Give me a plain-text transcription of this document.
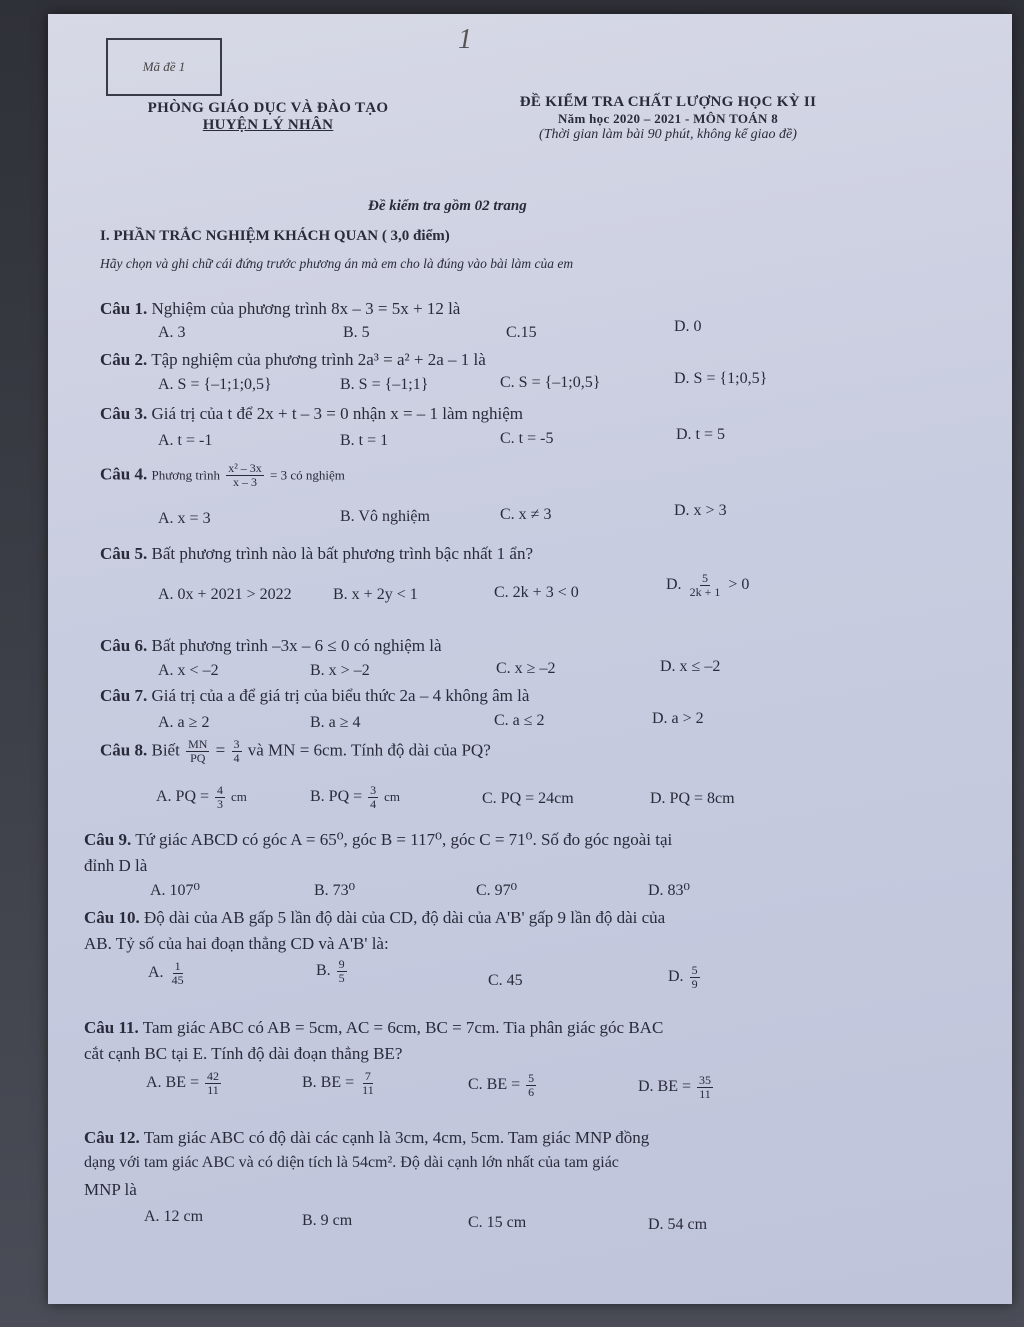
Mã đề 1
1
PHÒNG GIÁO DỤC VÀ ĐÀO TẠO
HUYỆN LÝ NHÂN
ĐỀ KIỂM TRA CHẤT LƯỢNG HỌC KỲ II
Năm học 2020 – 2021 - MÔN TOÁN 8
(Thời gian làm bài 90 phút, không kể giao đề)
Đề kiểm tra gồm 02 trang
I. PHẦN TRẮC NGHIỆM KHÁCH QUAN ( 3,0 điểm)
Hãy chọn và ghi chữ cái đứng trước phương án mà em cho là đúng vào bài làm của em
Câu 1. Nghiệm của phương trình 8x – 3 = 5x + 12 là
A. 3	B. 5	C.15	D. 0
Câu 2. Tập nghiệm của phương trình 2a³ = a² + 2a – 1 là
A. S = {–1;1;0,5}	B. S = {–1;1}	C. S = {–1;0,5}	D. S = {1;0,5}
Câu 3. Giá trị của t để 2x + t – 3 = 0 nhận x = – 1 làm nghiệm
A. t = -1	B. t = 1	C. t = -5	D. t = 5
Câu 4. Phương trình $\frac{\text{x² – 3x}}{x - 3} = 3$ có nghiệm
A. x = 3	B. Vô nghiệm	C. x ≠ 3	D. x > 3
Câu 5. Bất phương trình nào là bất phương trình bậc nhất 1 ẩn?
A. 0x + 2021 > 2022	B. x + 2y < 1	C. 2k + 3 < 0	D. $\frac{5}{2k + 1} > 0$
Câu 6. Bất phương trình –3x – 6 ≤ 0 có nghiệm là
A. x < –2	B. x > –2	C. x ≥ –2	D. x ≤ –2
Câu 7. Giá trị của a để giá trị của biểu thức 2a – 4 không âm là
A. a ≥ 2	B. a ≥ 4	C. a ≤ 2	D. a > 2
Câu 8. Biết $\frac{MN}{PQ} = \frac{3}{4}$ và MN = 6cm. Tính độ dài của PQ?
A. PQ = $\frac{4}{3}$ cm	B. PQ = $\frac{3}{4}$ cm	C. PQ = 24cm	D. PQ = 8cm
Câu 9. Tứ giác ABCD có góc A = 65⁰, góc B = 117⁰, góc C = 71⁰. Số đo góc ngoài tại
đỉnh D là
A. 107⁰	B. 73⁰	C. 97⁰	D. 83⁰
Câu 10. Độ dài của AB gấp 5 lần độ dài của CD, độ dài của A'B' gấp 9 lần độ dài của
AB. Tỷ số của hai đoạn thẳng CD và A'B' là:
A. $\frac{1}{45}$	B. $\frac{9}{5}$	C. 45	D. $\frac{5}{9}$
Câu 11. Tam giác ABC có AB = 5cm, AC = 6cm, BC = 7cm. Tia phân giác góc BAC
cắt cạnh BC tại E. Tính độ dài đoạn thẳng BE?
A. BE = $\frac{42}{11}$	B. BE = $\frac{7}{11}$	C. BE = $\frac{5}{6}$	D. BE = $\frac{35}{11}$
Câu 12. Tam giác ABC có độ dài các cạnh là 3cm, 4cm, 5cm. Tam giác MNP đồng
dạng với tam giác ABC và có diện tích là 54cm². Độ dài cạnh lớn nhất của tam giác
MNP là
A. 12 cm	B. 9 cm	C. 15 cm	D. 54 cm
